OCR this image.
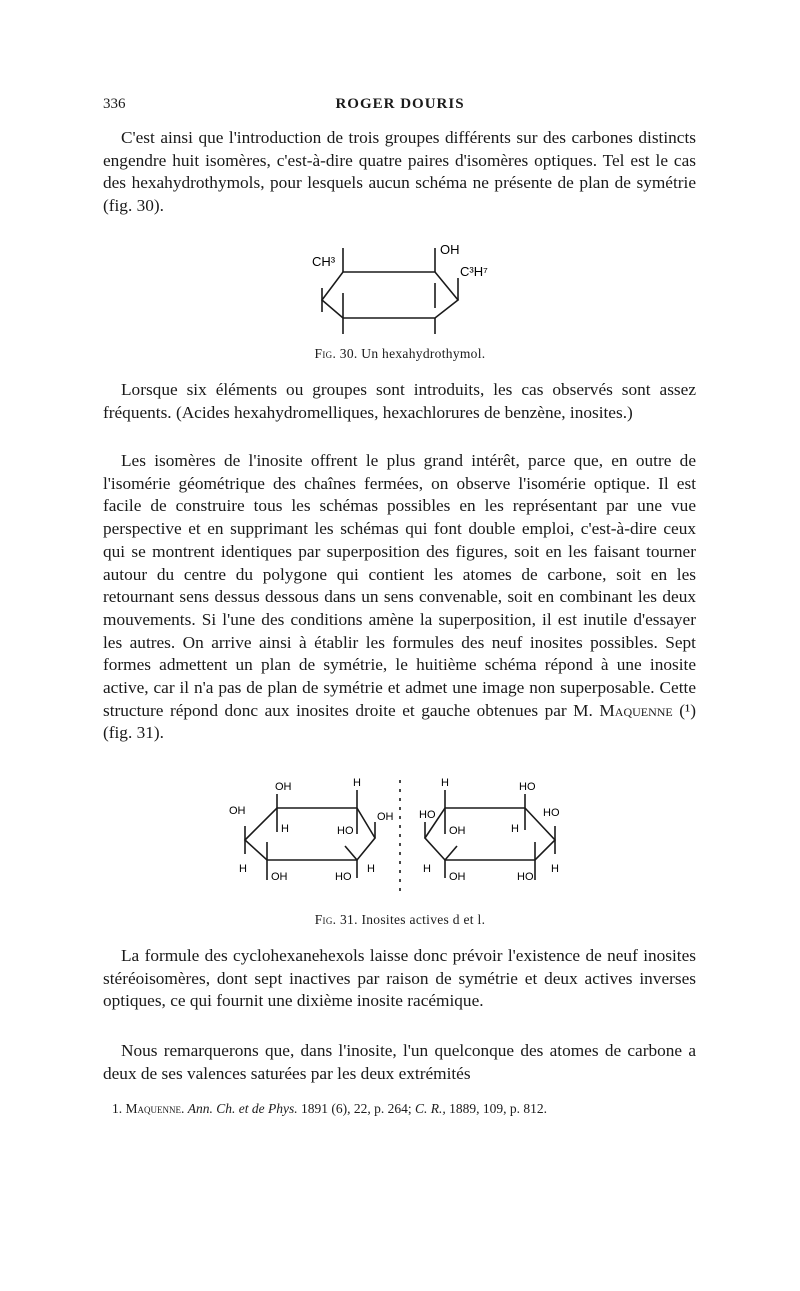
336	ROGER DOURIS

C'est ainsi que l'introduction de trois groupes différents sur des carbones distincts engendre huit isomères, c'est-à-dire quatre paires d'isomères optiques. Tel est le cas des hexahydrothymols, pour lesquels aucun schéma ne présente de plan de symétrie (fig. 30).

CH³
OH
C³H⁷
Fig. 30. Un hexahydrothymol.

Lorsque six éléments ou groupes sont introduits, les cas observés sont assez fréquents. (Acides hexahydromelliques, hexachlorures de benzène, inosites.)

Les isomères de l'inosite offrent le plus grand intérêt, parce que, en outre de l'isomérie géométrique des chaînes fermées, on observe l'isomérie optique. Il est facile de construire tous les schémas possibles en les représentant par une vue perspective et en supprimant les schémas qui font double emploi, c'est-à-dire ceux qui se montrent identiques par superposition des figures, soit en les faisant tourner autour du centre du polygone qui contient les atomes de carbone, soit en les retournant sens dessus dessous dans un sens convenable, soit en combinant les deux mouvements. Si l'une des conditions amène la superposition, il est inutile d'essayer les autres. On arrive ainsi à établir les formules des neuf inosites possibles. Sept formes admettent un plan de symétrie, le huitième schéma répond à une inosite active, car il n'a pas de plan de symétrie et admet une image non superposable. Cette structure répond donc aux inosites droite et gauche obtenues par M. Maquenne (¹) (fig. 31).

OH
OH
H
OH
H	HO
H
OH	HO
H
H	HO
HO	HO
OH	H
H
OH	HO
H
Fig. 31. Inosites actives d et l.

La formule des cyclohexanehexols laisse donc prévoir l'existence de neuf inosites stéréoisomères, dont sept inactives par raison de symétrie et deux actives inverses optiques, ce qui fournit une dixième inosite racémique.

Nous remarquerons que, dans l'inosite, l'un quelconque des atomes de carbone a deux de ses valences saturées par les deux extrémités

1. Maquenne. Ann. Ch. et de Phys. 1891 (6), 22, p. 264; C. R., 1889, 109, p. 812.
